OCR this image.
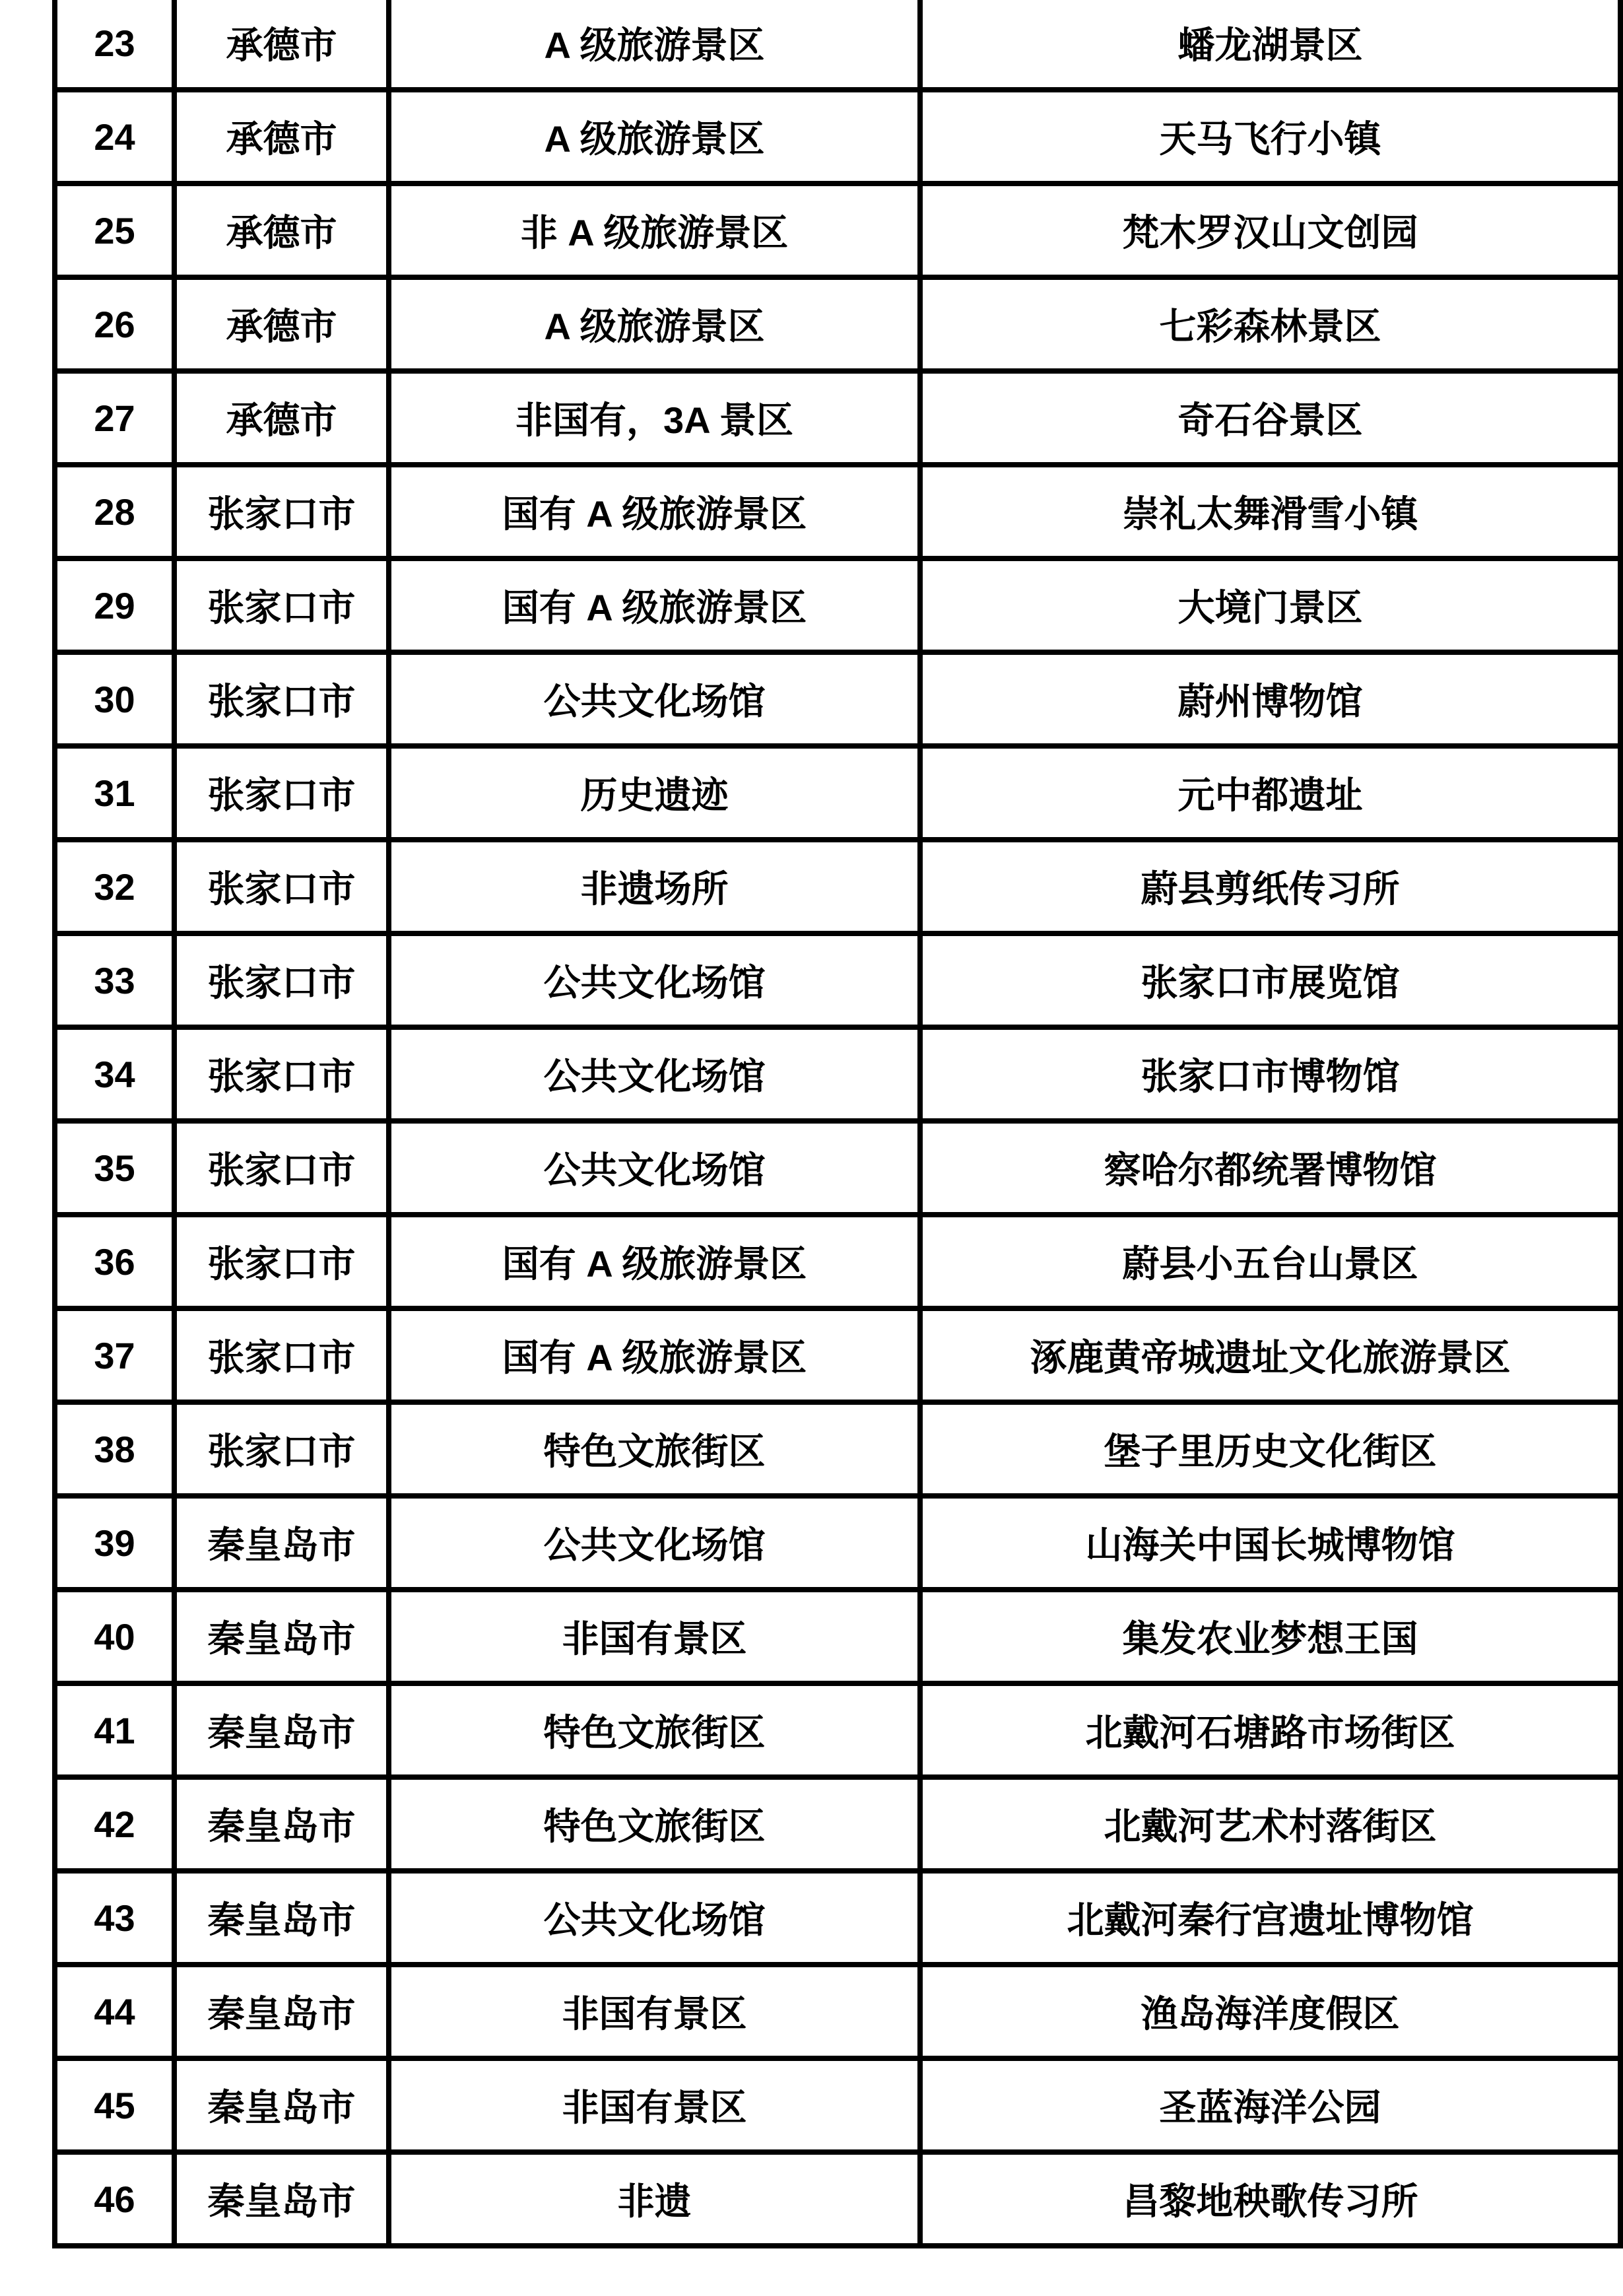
23	承德市	A 级旅游景区	蟠龙湖景区
24	承德市	A 级旅游景区	天马飞行小镇
25	承德市	非 A 级旅游景区	梵木罗汉山文创园
26	承德市	A 级旅游景区	七彩森林景区
27	承德市	非国有，3A 景区	奇石谷景区
28	张家口市	国有 A 级旅游景区	崇礼太舞滑雪小镇
29	张家口市	国有 A 级旅游景区	大境门景区
30	张家口市	公共文化场馆	蔚州博物馆
31	张家口市	历史遗迹	元中都遗址
32	张家口市	非遗场所	蔚县剪纸传习所
33	张家口市	公共文化场馆	张家口市展览馆
34	张家口市	公共文化场馆	张家口市博物馆
35	张家口市	公共文化场馆	察哈尔都统署博物馆
36	张家口市	国有 A 级旅游景区	蔚县小五台山景区
37	张家口市	国有 A 级旅游景区	涿鹿黄帝城遗址文化旅游景区
38	张家口市	特色文旅街区	堡子里历史文化街区
39	秦皇岛市	公共文化场馆	山海关中国长城博物馆
40	秦皇岛市	非国有景区	集发农业梦想王国
41	秦皇岛市	特色文旅街区	北戴河石塘路市场街区
42	秦皇岛市	特色文旅街区	北戴河艺术村落街区
43	秦皇岛市	公共文化场馆	北戴河秦行宫遗址博物馆
44	秦皇岛市	非国有景区	渔岛海洋度假区
45	秦皇岛市	非国有景区	圣蓝海洋公园
46	秦皇岛市	非遗	昌黎地秧歌传习所
